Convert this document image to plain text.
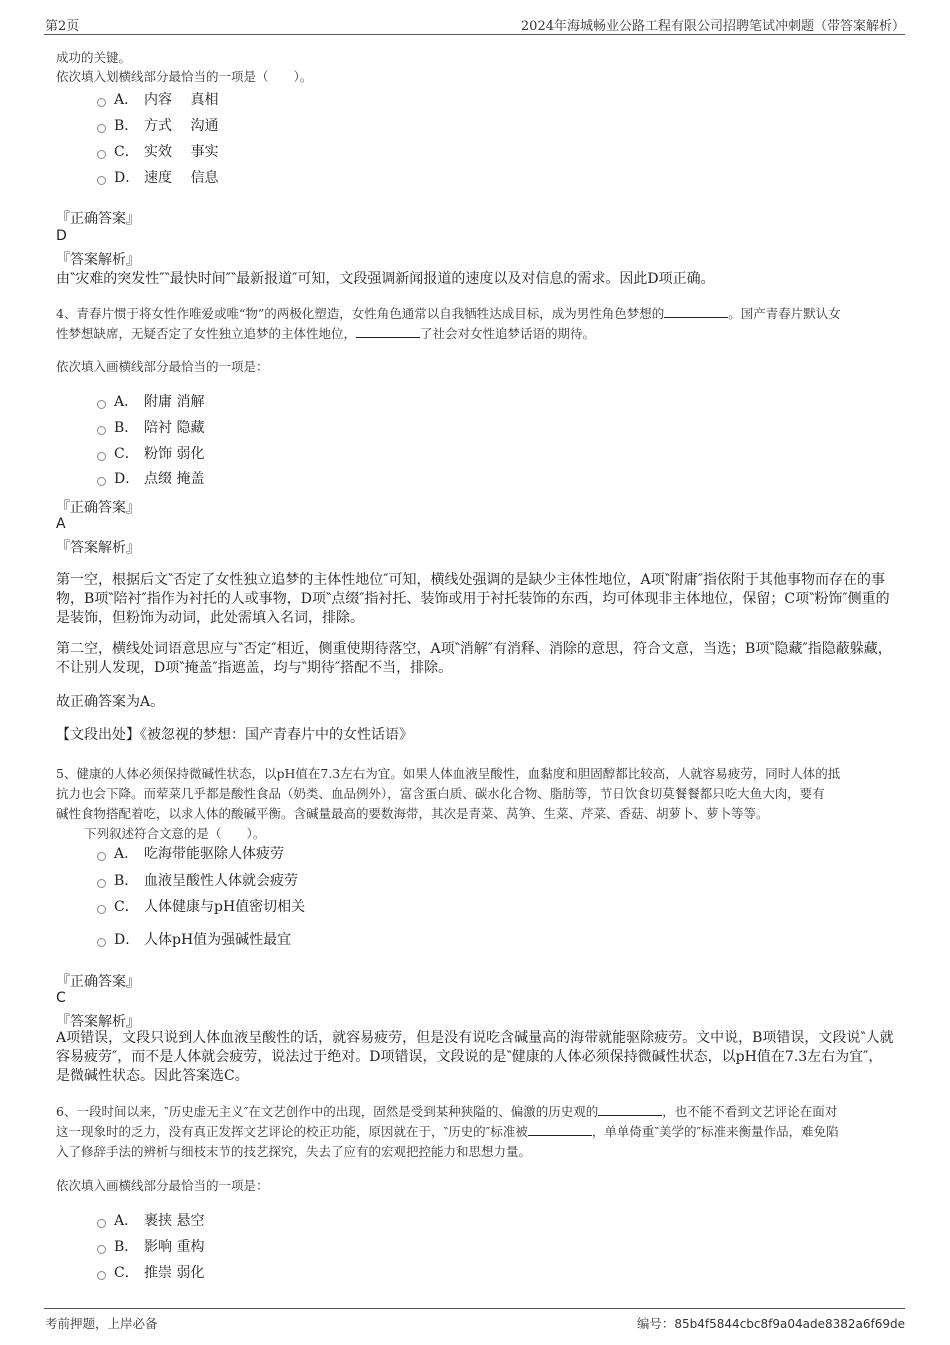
第2页	2024年海城畅业公路工程有限公司招聘笔试冲刺题（带答案解析）
成功的关键。
依次填入划横线部分最恰当的一项是（　　）。
A． 内容　 真相
B． 方式　 沟通
C． 实效　 事实
D． 速度　 信息
『正确答案』
D
『答案解析』
由‶灾难的突发性″‶最快时间″‶最新报道″可知，文段强调新闻报道的速度以及对信息的需求。因此D项正确。
4、青春片惯于将女性作唯爱或唯“物”的两极化塑造，女性角色通常以自我牺牲达成目标，成为男性角色梦想的	。国产青春片默认女
性梦想缺席，无疑否定了女性独立追梦的主体性地位，	了社会对女性追梦话语的期待。
依次填入画横线部分最恰当的一项是：
A． 附庸 消解
B． 陪衬 隐藏
C． 粉饰 弱化
D． 点缀 掩盖
『正确答案』
A
『答案解析』
第一空，根据后文‶否定了女性独立追梦的主体性地位″可知，横线处强调的是缺少主体性地位，A项‶附庸″指依附于其他事物而存在的事物，B项‶陪衬″指作为衬托的人或事物，D项‶点缀″指衬托、装饰或用于衬托装饰的东西，均可体现非主体地位，保留；C项‶粉饰″侧重的是装饰，但粉饰为动词，此处需填入名词，排除。
第二空，横线处词语意思应与‶否定″相近，侧重使期待落空，A项‶消解″有消释、消除的意思，符合文意，当选；B项‶隐藏″指隐蔽躲藏，不让别人发现，D项‶掩盖″指遮盖，均与‶期待″搭配不当，排除。
故正确答案为A。
【文段出处】《被忽视的梦想：国产青春片中的女性话语》
5、健康的人体必须保持微碱性状态，以pH值在7.3左右为宜。如果人体血液呈酸性，血黏度和胆固醇都比较高，人就容易疲劳，同时人体的抵
抗力也会下降。而荤菜几乎都是酸性食品（奶类、血品例外），富含蛋白质、碳水化合物、脂肪等，节日饮食切莫餐餐都只吃大鱼大肉，要有
碱性食物搭配着吃，以求人体的酸碱平衡。含碱量最高的要数海带，其次是青菜、莴笋、生菜、芹菜、香菇、胡萝卜、萝卜等等。
下列叙述符合文意的是（　　）。
A． 吃海带能驱除人体疲劳
B． 血液呈酸性人体就会疲劳
C． 人体健康与pH值密切相关
D． 人体pH值为强碱性最宜
『正确答案』
C
『答案解析』
A项错误，文段只说到人体血液呈酸性的话，就容易疲劳，但是没有说吃含碱量高的海带就能驱除疲劳。文中说，B项错误，文段说‶人就容易疲劳″，而不是人体就会疲劳，说法过于绝对。D项错误，文段说的是‶健康的人体必须保持微碱性状态，以pH值在7.3左右为宜″，是微碱性状态。因此答案选C。
6、一段时间以来，‶历史虚无主义″在文艺创作中的出现，固然是受到某种狭隘的、偏激的历史观的	，也不能不看到文艺评论在面对
这一现象时的乏力，没有真正发挥文艺评论的校正功能，原因就在于，‶历史的″标准被	，单单倚重‶美学的″标准来衡量作品，难免陷
入了修辞手法的辨析与细枝末节的技艺探究，失去了应有的宏观把控能力和思想力量。
依次填入画横线部分最恰当的一项是：
A． 裹挟 悬空
B． 影响 重构
C． 推崇 弱化
考前押题，上岸必备	编号：85b4f5844cbc8f9a04ade8382a6f69de
